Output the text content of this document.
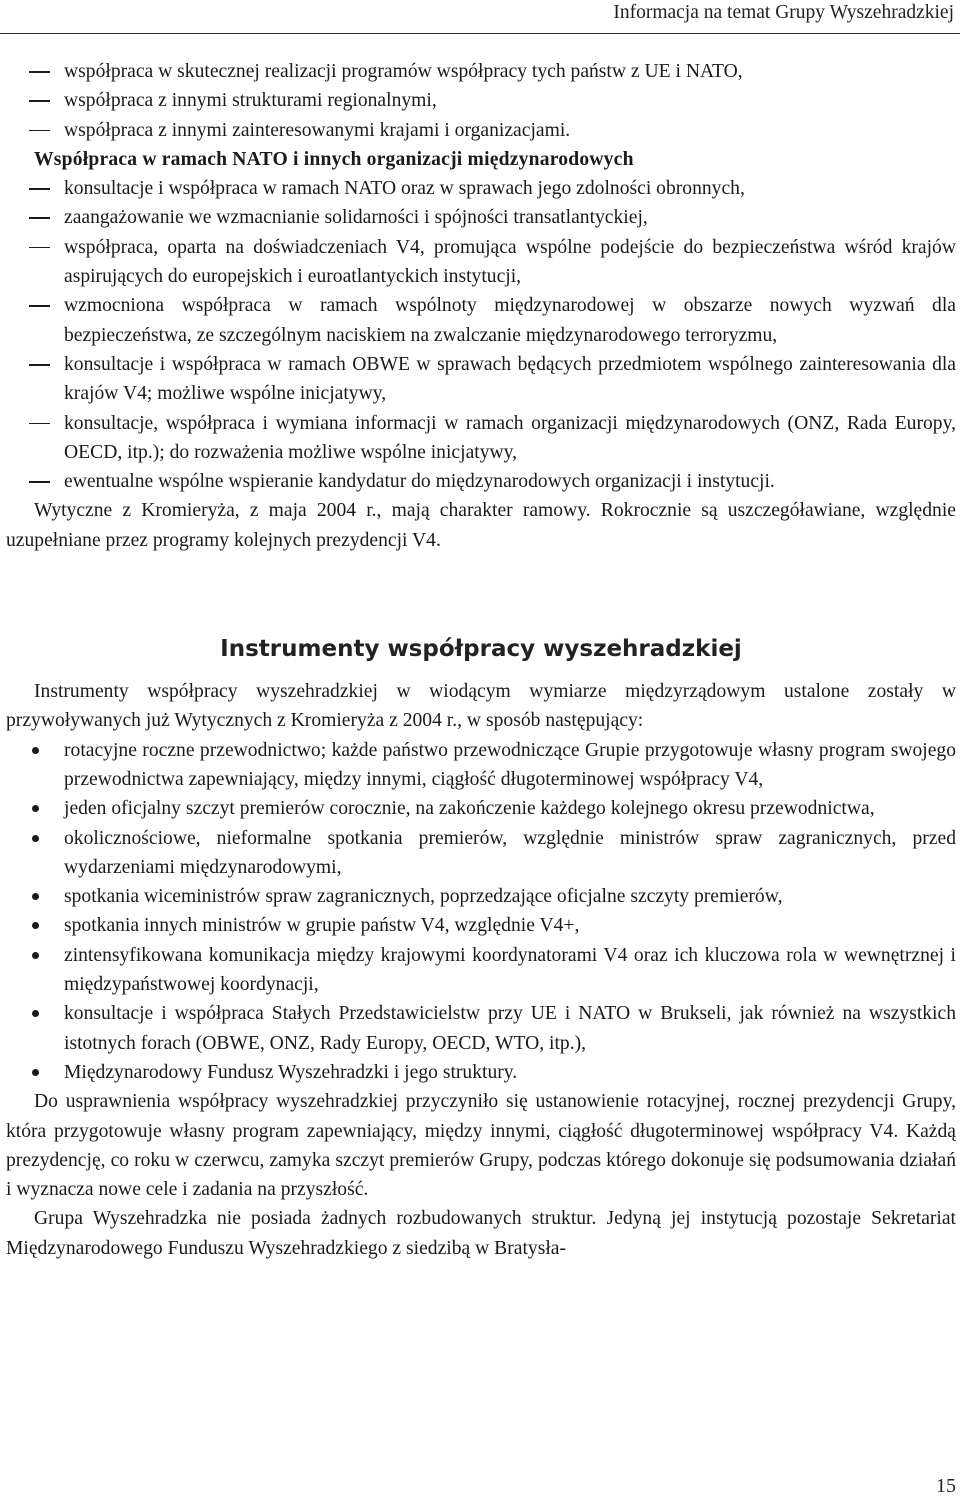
Informacja na temat Grupy Wyszehradzkiej
współpraca w skutecznej realizacji programów współpracy tych państw z UE i NATO,
współpraca z innymi strukturami regionalnymi,
współpraca z innymi zainteresowanymi krajami i organizacjami.
Współpraca w ramach NATO i innych organizacji międzynarodowych
konsultacje i współpraca w ramach NATO oraz w sprawach jego zdolności obronnych,
zaangażowanie we wzmacnianie solidarności i spójności transatlantyckiej,
współpraca, oparta na doświadczeniach V4, promująca wspólne podejście do bezpieczeństwa wśród krajów aspirujących do europejskich i euroatlantyckich instytucji,
wzmocniona współpraca w ramach wspólnoty międzynarodowej w obszarze nowych wyzwań dla bezpieczeństwa, ze szczególnym naciskiem na zwalczanie międzynarodowego terroryzmu,
konsultacje i współpraca w ramach OBWE w sprawach będących przedmiotem wspólnego zainteresowania dla krajów V4; możliwe wspólne inicjatywy,
konsultacje, współpraca i wymiana informacji w ramach organizacji międzynarodowych (ONZ, Rada Europy, OECD, itp.); do rozważenia możliwe wspólne inicjatywy,
ewentualne wspólne wspieranie kandydatur do międzynarodowych organizacji i instytucji.

Wytyczne z Kromieryża, z maja 2004 r., mają charakter ramowy. Rokrocznie są uszczegóławiane, względnie uzupełniane przez programy kolejnych prezydencji V4.

Instrumenty współpracy wyszehradzkiej

Instrumenty współpracy wyszehradzkiej w wiodącym wymiarze międzyrządowym ustalone zostały w przywoływanych już Wytycznych z Kromieryża z 2004 r., w sposób następujący:

rotacyjne roczne przewodnictwo; każde państwo przewodniczące Grupie przygotowuje własny program swojego przewodnictwa zapewniający, między innymi, ciągłość długoterminowej współpracy V4,
jeden oficjalny szczyt premierów corocznie, na zakończenie każdego kolejnego okresu przewodnictwa,
okolicznościowe, nieformalne spotkania premierów, względnie ministrów spraw zagranicznych, przed wydarzeniami międzynarodowymi,
spotkania wiceministrów spraw zagranicznych, poprzedzające oficjalne szczyty premierów,
spotkania innych ministrów w grupie państw V4, względnie V4+,
zintensyfikowana komunikacja między krajowymi koordynatorami V4 oraz ich kluczowa rola w wewnętrznej i międzypaństwowej koordynacji,
konsultacje i współpraca Stałych Przedstawicielstw przy UE i NATO w Brukseli, jak również na wszystkich istotnych forach (OBWE, ONZ, Rady Europy, OECD, WTO, itp.),
Międzynarodowy Fundusz Wyszehradzki i jego struktury.

Do usprawnienia współpracy wyszehradzkiej przyczyniło się ustanowienie rotacyjnej, rocznej prezydencji Grupy, która przygotowuje własny program zapewniający, między innymi, ciągłość długoterminowej współpracy V4. Każdą prezydencję, co roku w czerwcu, zamyka szczyt premierów Grupy, podczas którego dokonuje się podsumowania działań i wyznacza nowe cele i zadania na przyszłość.

Grupa Wyszehradzka nie posiada żadnych rozbudowanych struktur. Jedyną jej instytucją pozostaje Sekretariat Międzynarodowego Funduszu Wyszehradzkiego z siedzibą w Bratysła-

15
